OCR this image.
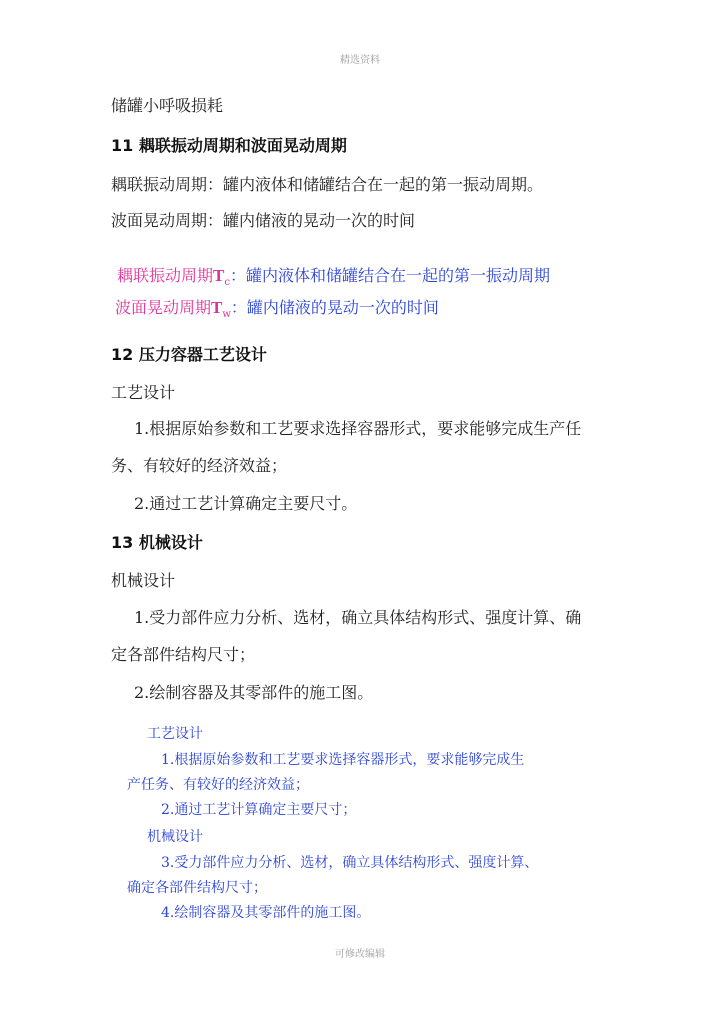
精选资料
储罐小呼吸损耗
11 耦联振动周期和波面晃动周期
耦联振动周期：罐内液体和储罐结合在一起的第一振动周期。
波面晃动周期：罐内储液的晃动一次的时间
耦联振动周期$T_c$：罐内液体和储罐结合在一起的第一振动周期
波面晃动周期$T_w$：罐内储液的晃动一次的时间
12 压力容器工艺设计
工艺设计
1.根据原始参数和工艺要求选择容器形式，要求能够完成生产任
务、有较好的经济效益；
2.通过工艺计算确定主要尺寸。
13 机械设计
机械设计
1.受力部件应力分析、选材，确立具体结构形式、强度计算、确
定各部件结构尺寸；
2.绘制容器及其零部件的施工图。
工艺设计
1.根据原始参数和工艺要求选择容器形式，要求能够完成生
产任务、有较好的经济效益；
2.通过工艺计算确定主要尺寸；
机械设计
3.受力部件应力分析、选材，确立具体结构形式、强度计算、
确定各部件结构尺寸；
4.绘制容器及其零部件的施工图。
可修改编辑
